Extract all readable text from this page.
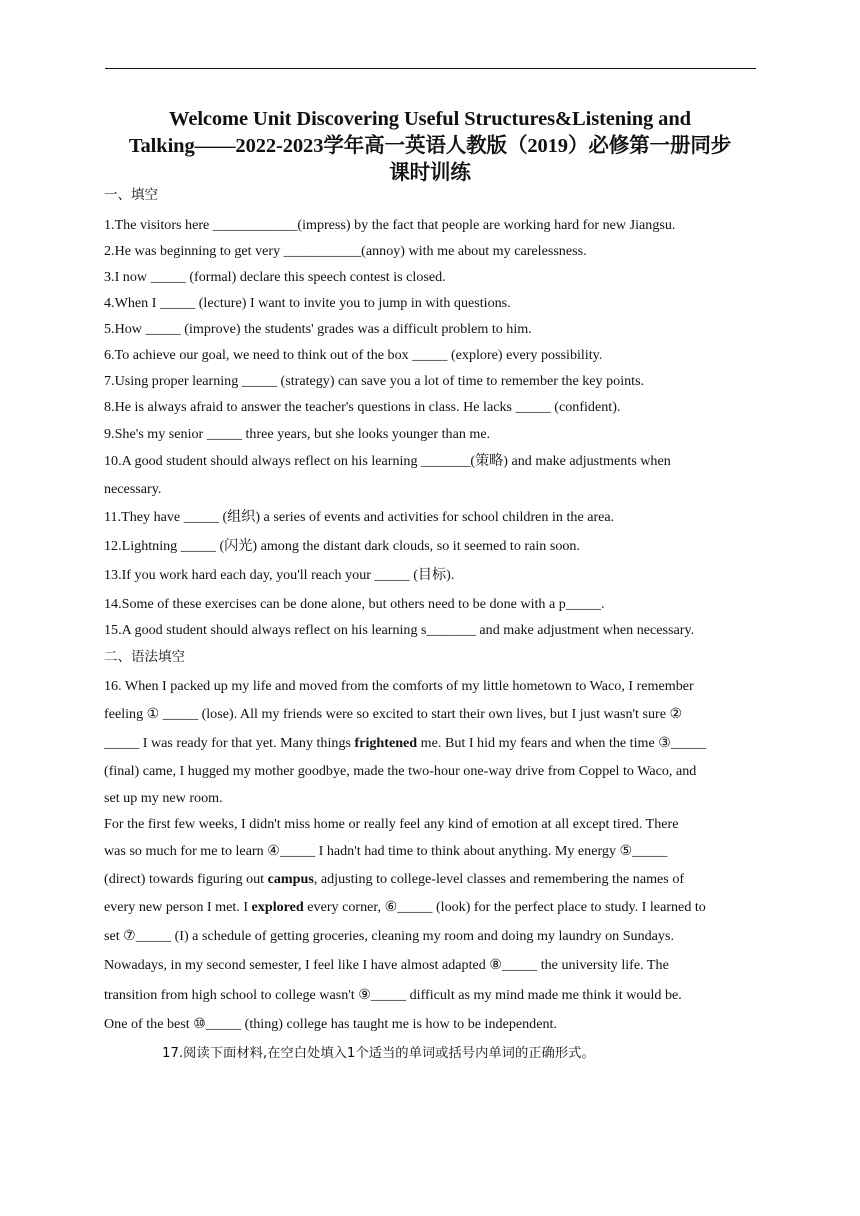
Welcome Unit Discovering Useful Structures&Listening and
Talking——2022-2023学年高一英语人教版（2019）必修第一册同步
课时训练
一、填空
1.The visitors here ____________(impress) by the fact that people are working hard for new Jiangsu.
2.He was beginning to get very ___________(annoy) with me about my carelessness.
3.I now _____ (formal) declare this speech contest is closed.
4.When I _____ (lecture) I want to invite you to jump in with questions.
5.How _____ (improve) the students' grades was a difficult problem to him.
6.To achieve our goal, we need to think out of the box _____ (explore) every possibility.
7.Using proper learning _____ (strategy) can save you a lot of time to remember the key points.
8.He is always afraid to answer the teacher's questions in class. He lacks _____ (confident).
9.She's my senior _____ three years, but she looks younger than me.
10.A good student should always reflect on his learning _______(策略) and make adjustments when
necessary.
11.They have _____ (组织) a series of events and activities for school children in the area.
12.Lightning _____ (闪光) among the distant dark clouds, so it seemed to rain soon.
13.If you work hard each day, you'll reach your _____ (目标).
14.Some of these exercises can be done alone, but others need to be done with a p_____.
15.A good student should always reflect on his learning s_______ and make adjustment when necessary.
二、语法填空
16. When I packed up my life and moved from the comforts of my little hometown to Waco, I remember
feeling ① _____ (lose). All my friends were so excited to start their own lives, but I just wasn't sure ②
_____ I was ready for that yet. Many things frightened me. But I hid my fears and when the time ③_____
(final) came, I hugged my mother goodbye, made the two-hour one-way drive from Coppel to Waco, and
set up my new room.
For the first few weeks, I didn't miss home or really feel any kind of emotion at all except tired. There
was so much for me to learn ④_____ I hadn't had time to think about anything. My energy ⑤_____
(direct) towards figuring out campus, adjusting to college-level classes and remembering the names of
every new person I met. I explored every corner, ⑥_____ (look) for the perfect place to study. I learned to
set ⑦_____ (I) a schedule of getting groceries, cleaning my room and doing my laundry on Sundays.
Nowadays, in my second semester, I feel like I have almost adapted ⑧_____ the university life. The
transition from high school to college wasn't ⑨_____ difficult as my mind made me think it would be.
One of the best ⑩_____ (thing) college has taught me is how to be independent.
17.阅读下面材料,在空白处填入1个适当的单词或括号内单词的正确形式。
